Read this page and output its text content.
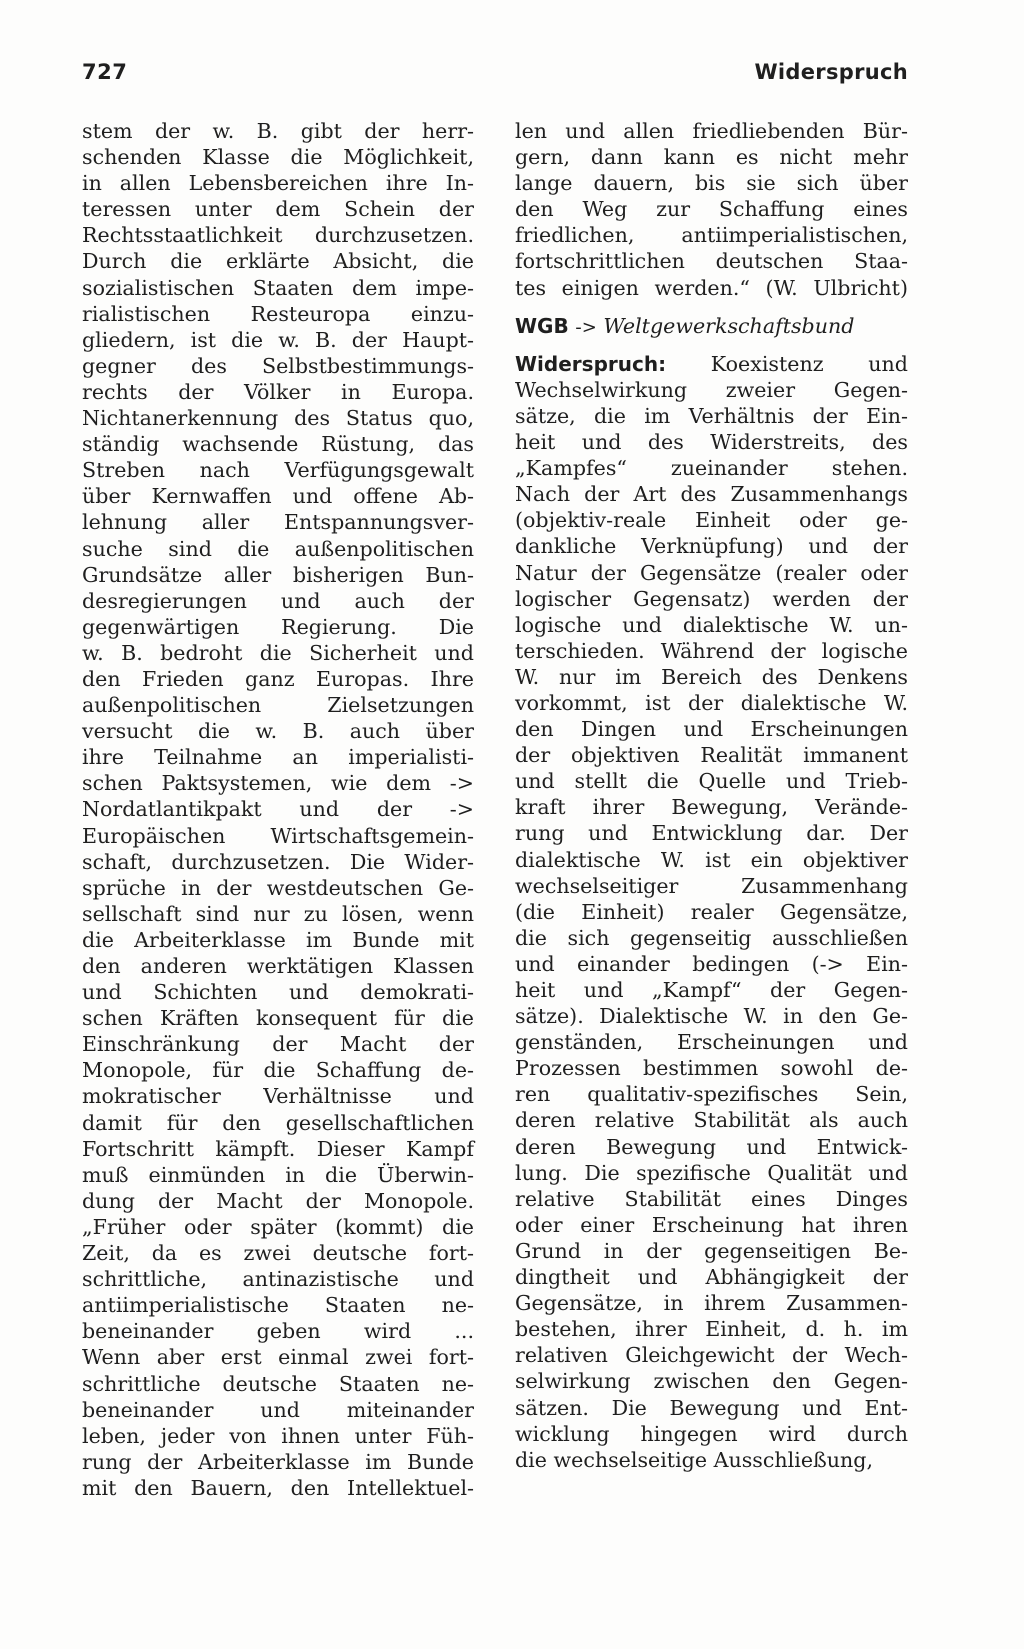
727	Widerspruch
stem der w. B. gibt der herr-
schenden Klasse die Möglichkeit,
in allen Lebensbereichen ihre In-
teressen unter dem Schein der
Rechtsstaatlichkeit durchzusetzen.
Durch die erklärte Absicht, die
sozialistischen Staaten dem impe-
rialistischen Resteuropa einzu-
gliedern, ist die w. B. der Haupt-
gegner des Selbstbestimmungs-
rechts der Völker in Europa.
Nichtanerkennung des Status quo,
ständig wachsende Rüstung, das
Streben nach Verfügungsgewalt
über Kernwaffen und offene Ab-
lehnung aller Entspannungsver-
suche sind die außenpolitischen
Grundsätze aller bisherigen Bun-
desregierungen und auch der
gegenwärtigen Regierung. Die
w. B. bedroht die Sicherheit und
den Frieden ganz Europas. Ihre
außenpolitischen Zielsetzungen
versucht die w. B. auch über
ihre Teilnahme an imperialisti-
schen Paktsystemen, wie dem ->
Nordatlantikpakt und der ->
Europäischen Wirtschaftsgemein-
schaft, durchzusetzen. Die Wider-
sprüche in der westdeutschen Ge-
sellschaft sind nur zu lösen, wenn
die Arbeiterklasse im Bunde mit
den anderen werktätigen Klassen
und Schichten und demokrati-
schen Kräften konsequent für die
Einschränkung der Macht der
Monopole, für die Schaffung de-
mokratischer Verhältnisse und
damit für den gesellschaftlichen
Fortschritt kämpft. Dieser Kampf
muß einmünden in die Überwin-
dung der Macht der Monopole.
„Früher oder später (kommt) die
Zeit, da es zwei deutsche fort-
schrittliche, antinazistische und
antiimperialistische Staaten ne-
beneinander geben wird ...
Wenn aber erst einmal zwei fort-
schrittliche deutsche Staaten ne-
beneinander und miteinander
leben, jeder von ihnen unter Füh-
rung der Arbeiterklasse im Bunde
mit den Bauern, den Intellektuel-
len und allen friedliebenden Bür-
gern, dann kann es nicht mehr
lange dauern, bis sie sich über
den Weg zur Schaffung eines
friedlichen, antiimperialistischen,
fortschrittlichen deutschen Staa-
tes einigen werden.“ (W. Ulbricht)
WGB -> Weltgewerkschaftsbund
Widerspruch: Koexistenz und
Wechselwirkung zweier Gegen-
sätze, die im Verhältnis der Ein-
heit und des Widerstreits, des
„Kampfes“ zueinander stehen.
Nach der Art des Zusammenhangs
(objektiv-reale Einheit oder ge-
dankliche Verknüpfung) und der
Natur der Gegensätze (realer oder
logischer Gegensatz) werden der
logische und dialektische W. un-
terschieden. Während der logische
W. nur im Bereich des Denkens
vorkommt, ist der dialektische W.
den Dingen und Erscheinungen
der objektiven Realität immanent
und stellt die Quelle und Trieb-
kraft ihrer Bewegung, Verände-
rung und Entwicklung dar. Der
dialektische W. ist ein objektiver
wechselseitiger Zusammenhang
(die Einheit) realer Gegensätze,
die sich gegenseitig ausschließen
und einander bedingen (-> Ein-
heit und „Kampf“ der Gegen-
sätze). Dialektische W. in den Ge-
genständen, Erscheinungen und
Prozessen bestimmen sowohl de-
ren qualitativ-spezifisches Sein,
deren relative Stabilität als auch
deren Bewegung und Entwick-
lung. Die spezifische Qualität und
relative Stabilität eines Dinges
oder einer Erscheinung hat ihren
Grund in der gegenseitigen Be-
dingtheit und Abhängigkeit der
Gegensätze, in ihrem Zusammen-
bestehen, ihrer Einheit, d. h. im
relativen Gleichgewicht der Wech-
selwirkung zwischen den Gegen-
sätzen. Die Bewegung und Ent-
wicklung hingegen wird durch
die wechselseitige Ausschließung,
